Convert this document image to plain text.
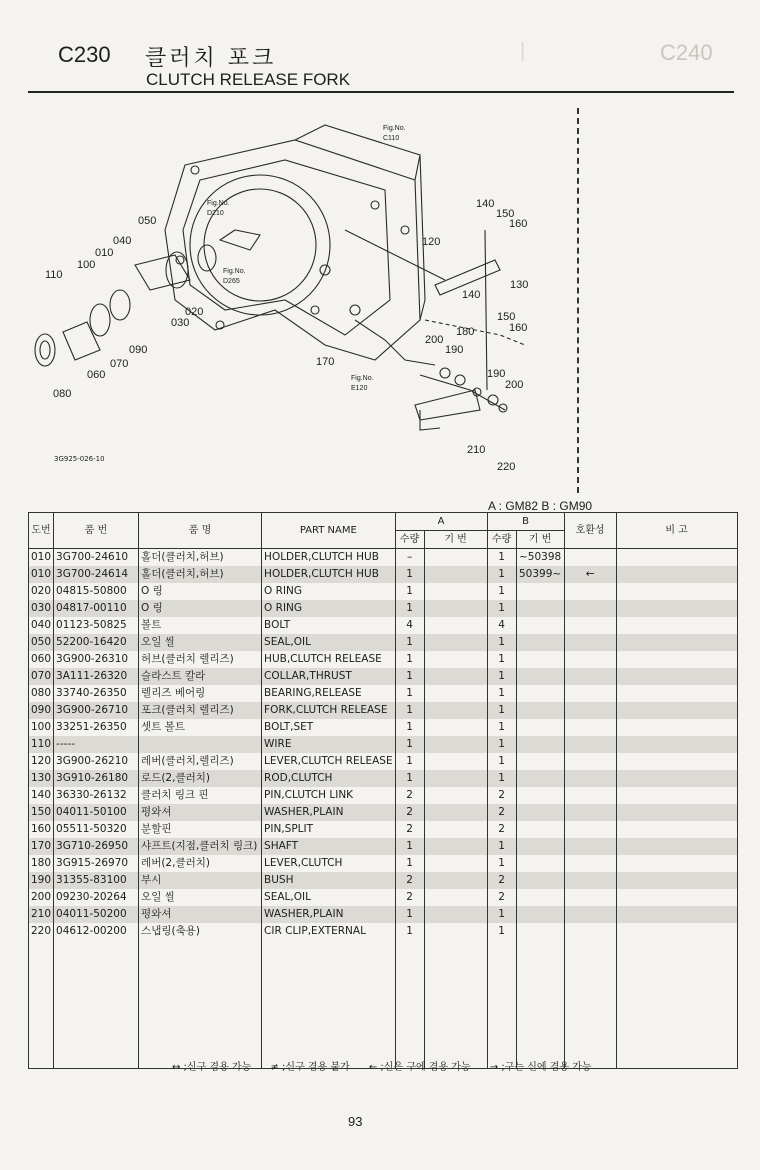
C240
|
C230 클러치 포크
CLUTCH RELEASE FORK
110
100
010
040
050
020
030
090
070
060
080
120
140
150
160
130
140
150
160
180
200
190
170
190
200
210
220
Fig.No.
C110
Fig.No.
D210
Fig.No.
D265
Fig.No.
E120
3G925-026-10
A : GM82 B : GM90
도번	품 번	품 명	PART NAME	A		B		호환성	비 고
				수량	기 번	수량	기 번		
010	3G700-24610	홀더(클러치,허브)	HOLDER,CLUTCH HUB	–		1	~50398		
010	3G700-24614	홀더(클러치,허브)	HOLDER,CLUTCH HUB	1		1	50399~	←	
020	04815-50800	O 링	O RING	1		1			
030	04817-00110	O 링	O RING	1		1			
040	01123-50825	볼트	BOLT	4		4			
050	52200-16420	오일 씰	SEAL,OIL	1		1			
060	3G900-26310	허브(클러치 렐리즈)	HUB,CLUTCH RELEASE	1		1			
070	3A111-26320	슬라스트 칼라	COLLAR,THRUST	1		1			
080	33740-26350	렐리즈 베어링	BEARING,RELEASE	1		1			
090	3G900-26710	포크(클러치 렐리즈)	FORK,CLUTCH RELEASE	1		1			
100	33251-26350	셋트 볼트	BOLT,SET	1		1			
110	-----		WIRE	1		1			
120	3G900-26210	레버(클러치,렐리즈)	LEVER,CLUTCH RELEASE	1		1			
130	3G910-26180	로드(2,클러치)	ROD,CLUTCH	1		1			
140	36330-26132	클러치 링크 핀	PIN,CLUTCH LINK	2		2			
150	04011-50100	평와셔	WASHER,PLAIN	2		2			
160	05511-50320	분할핀	PIN,SPLIT	2		2			
170	3G710-26950	샤프트(지점,클러치 링크)	SHAFT	1		1			
180	3G915-26970	레버(2,클러치)	LEVER,CLUTCH	1		1			
190	31355-83100	부시	BUSH	2		2			
200	09230-20264	오일 씰	SEAL,OIL	2		2			
210	04011-50200	평와셔	WASHER,PLAIN	1		1			
220	04612-00200	스냅링(축용)	CIR CLIP,EXTERNAL	1		1			

↔ ;신구 겸용 가능 ≠ ;신구 겸용 불가 ← ;신은 구에 겸용 가능 → ;구는 신에 겸용 가능
93
